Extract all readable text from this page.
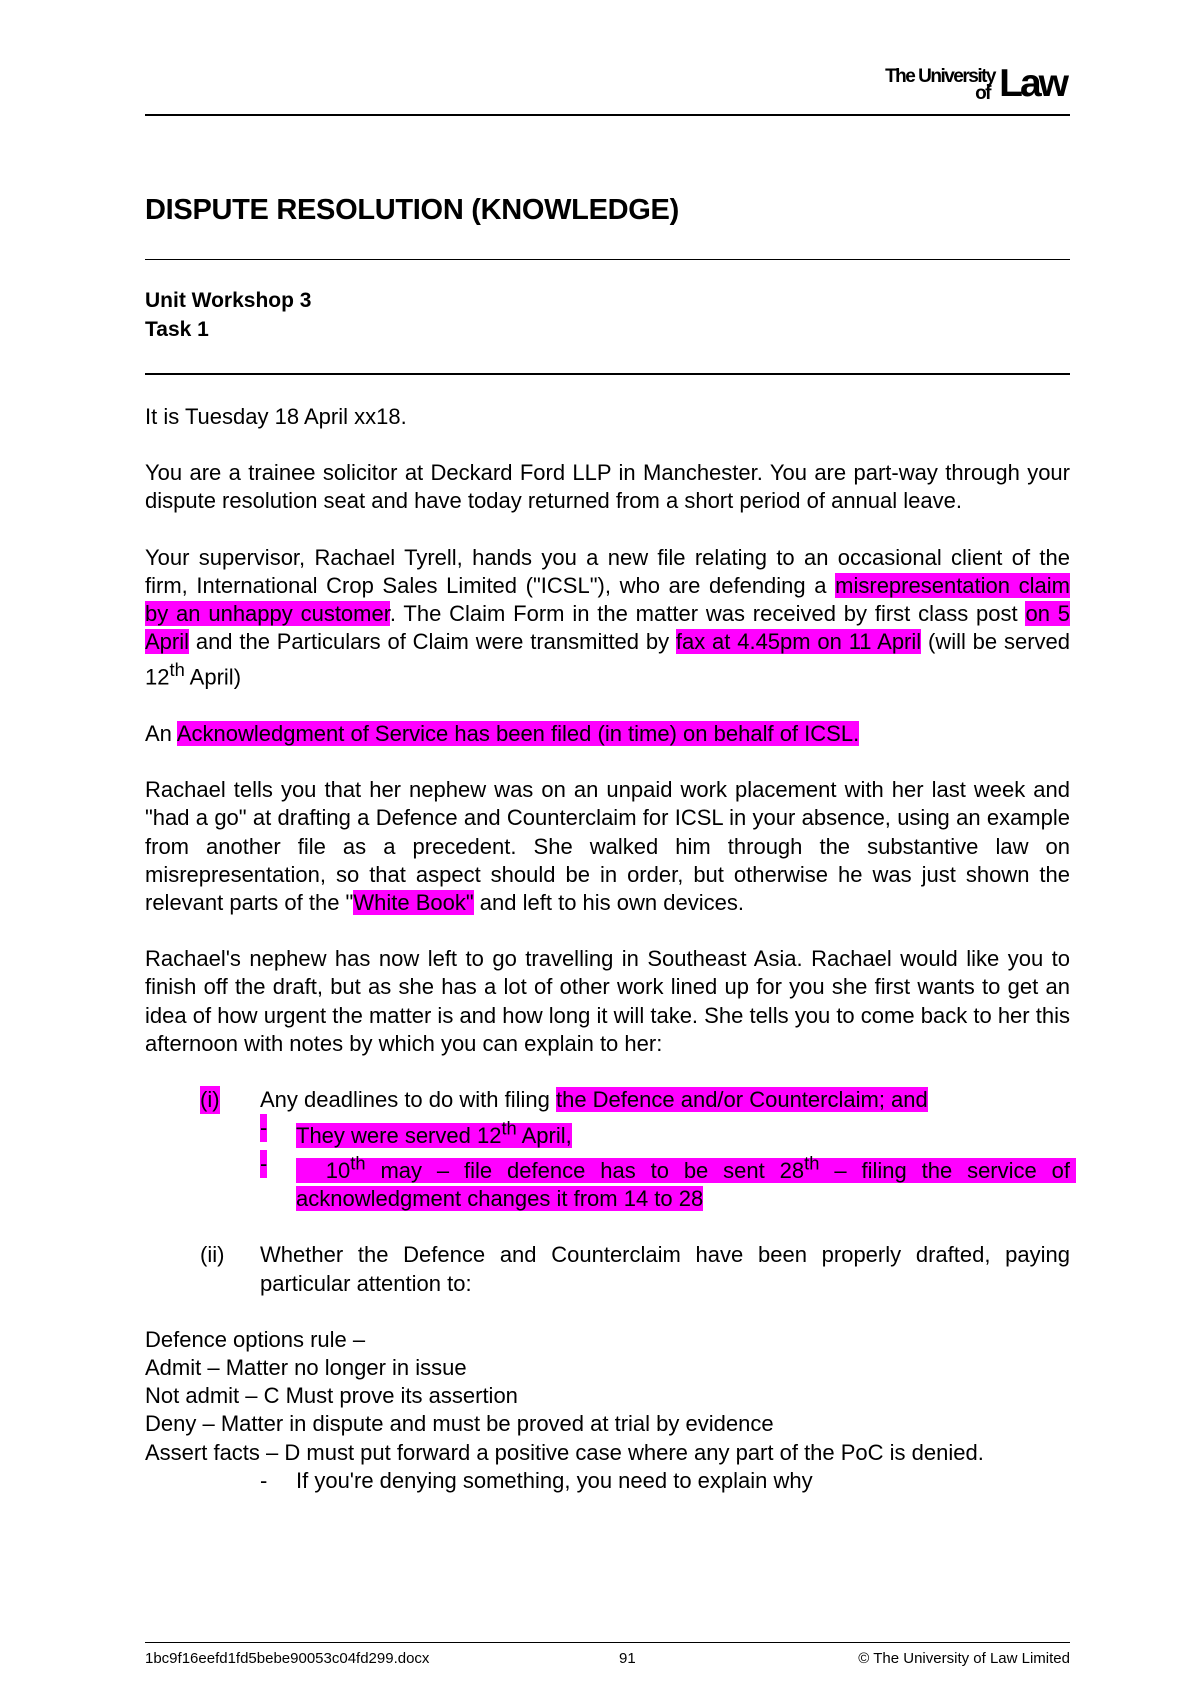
The University
of Law
DISPUTE RESOLUTION (KNOWLEDGE)
Unit Workshop 3
Task 1

It is Tuesday 18 April xx18.

You are a trainee solicitor at Deckard Ford LLP in Manchester. You are part-way through your dispute resolution seat and have today returned from a short period of annual leave.

Your supervisor, Rachael Tyrell, hands you a new file relating to an occasional client of the firm, International Crop Sales Limited ("ICSL"), who are defending a misrepresentation claim by an unhappy customer. The Claim Form in the matter was received by first class post on 5 April and the Particulars of Claim were transmitted by fax at 4.45pm on 11 April (will be served 12th April)

An Acknowledgment of Service has been filed (in time) on behalf of ICSL.

Rachael tells you that her nephew was on an unpaid work placement with her last week and "had a go" at drafting a Defence and Counterclaim for ICSL in your absence, using an example from another file as a precedent. She walked him through the substantive law on misrepresentation, so that aspect should be in order, but otherwise he was just shown the relevant parts of the "White Book" and left to his own devices.

Rachael's nephew has now left to go travelling in Southeast Asia. Rachael would like you to finish off the draft, but as she has a lot of other work lined up for you she first wants to get an idea of how urgent the matter is and how long it will take. She tells you to come back to her this afternoon with notes by which you can explain to her:

(i) Any deadlines to do with filing the Defence and/or Counterclaim; and
- They were served 12th April,
- 10th may – file defence has to be sent 28th – filing the service of acknowledgment changes it from 14 to 28
(ii) Whether the Defence and Counterclaim have been properly drafted, paying particular attention to:

Defence options rule –

Admit – Matter no longer in issue

Not admit – C Must prove its assertion

Deny – Matter in dispute and must be proved at trial by evidence

Assert facts – D must put forward a positive case where any part of the PoC is denied.

- If you're denying something, you need to explain why
1bc9f16eefd1fd5bebe90053c04fd299.docx	91	© The University of Law Limited
